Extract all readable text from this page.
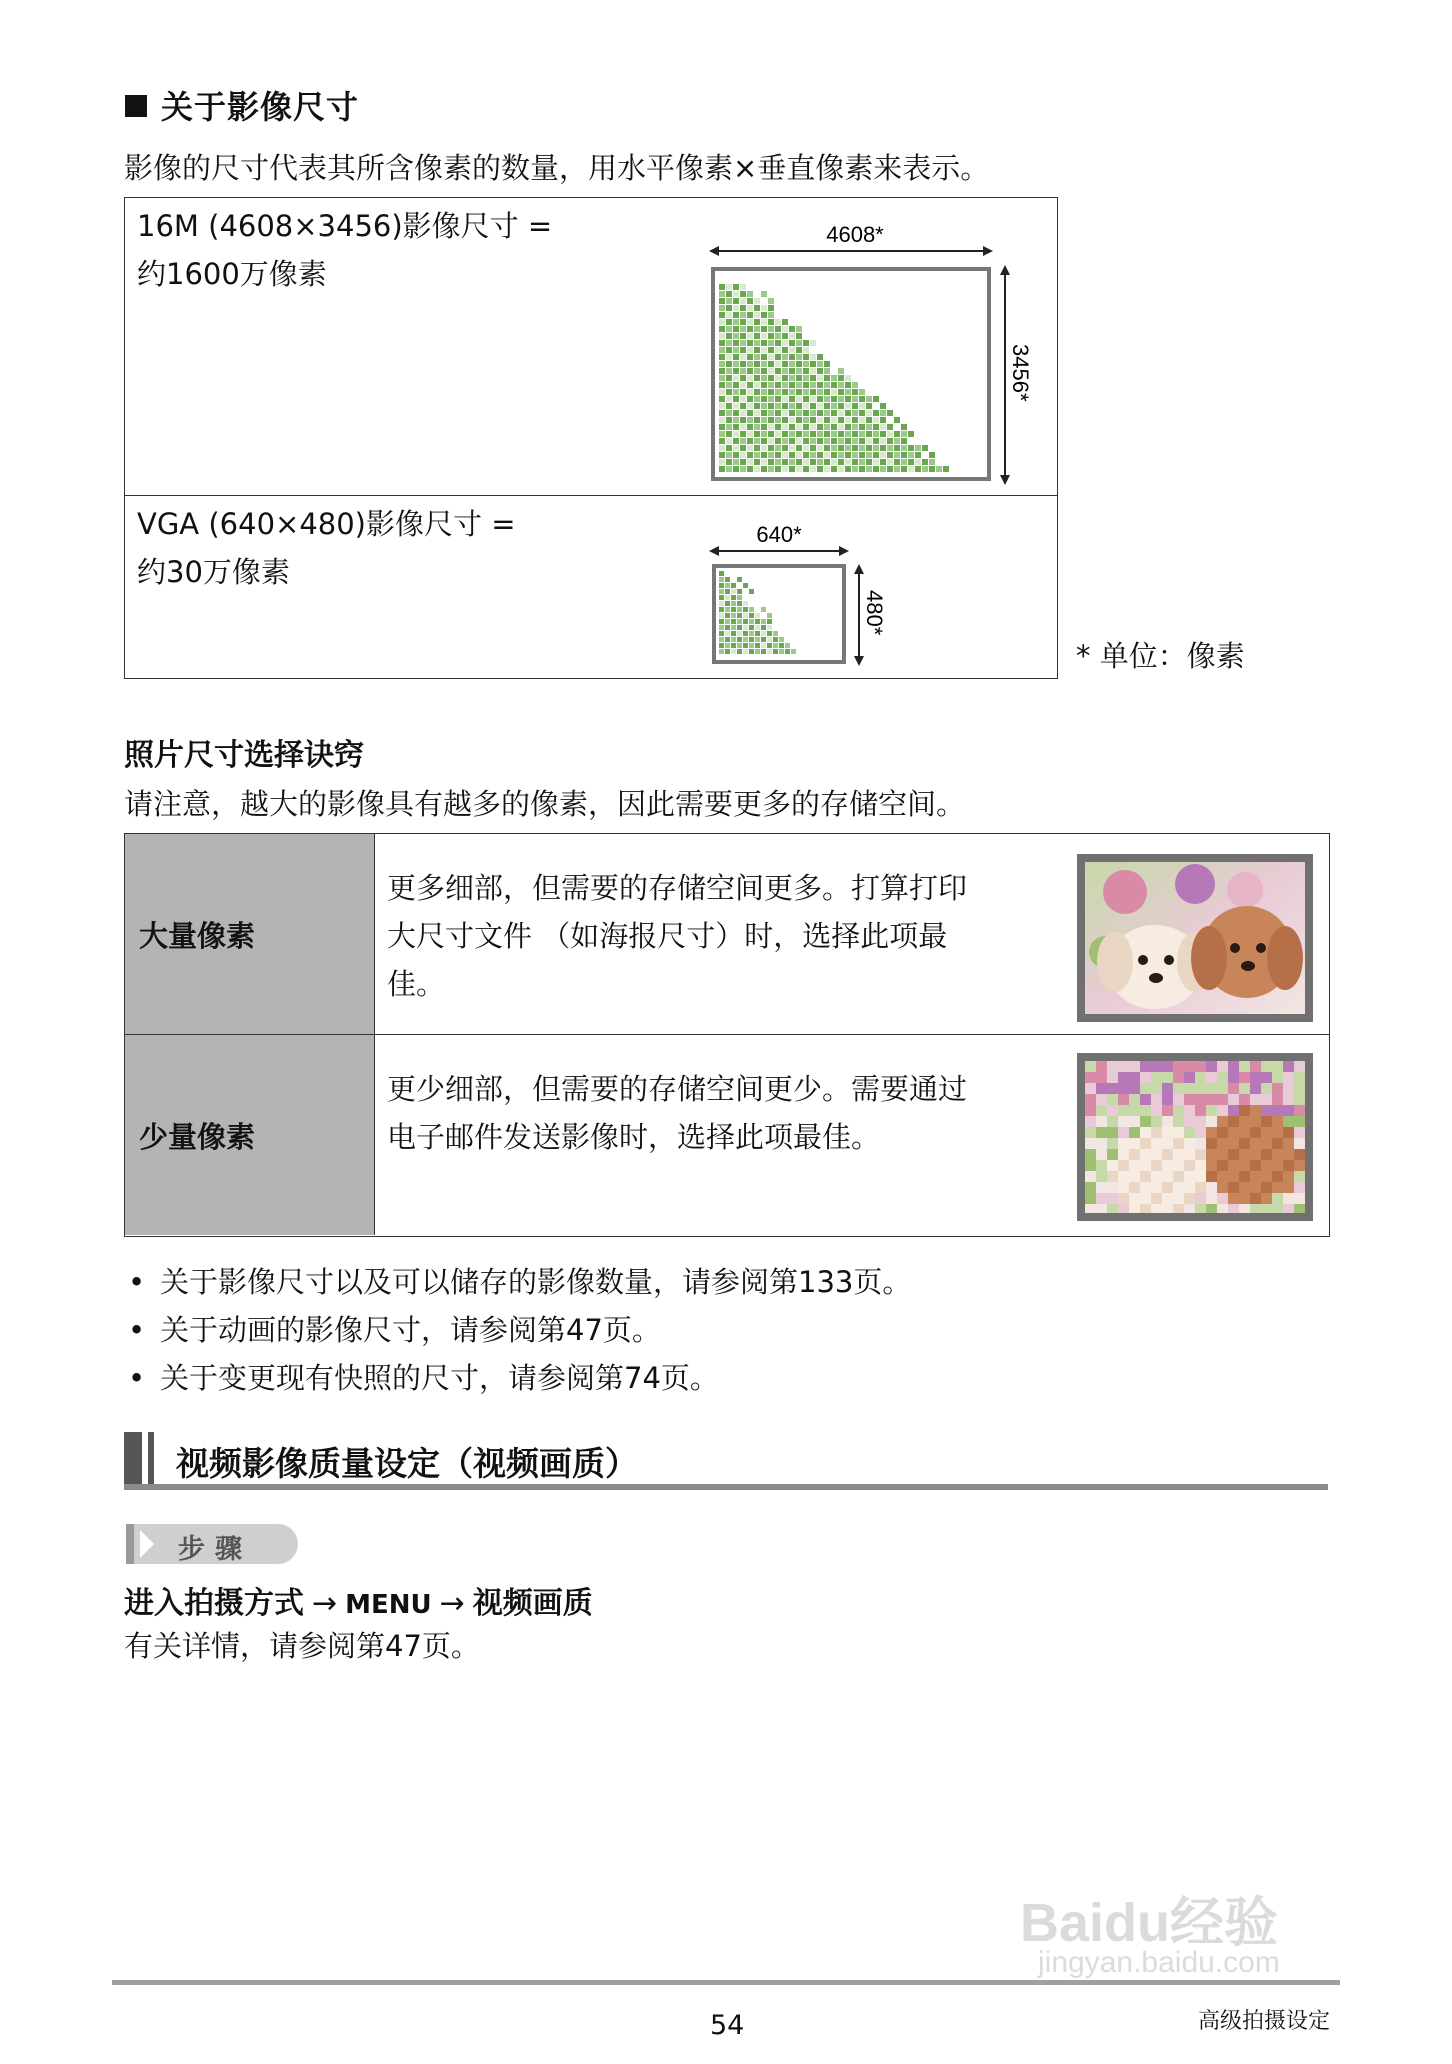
关于影像尺寸
影像的尺寸代表其所含像素的数量，用水平像素×垂直像素来表示。
16M (4608×3456)影像尺寸 =
约1600万像素
VGA (640×480)影像尺寸 =
约30万像素
4608*
3456*
640*
480*
* 单位：像素
照片尺寸选择诀窍
请注意，越大的影像具有越多的像素，因此需要更多的存储空间。
大量像素
更多细部，但需要的存储空间更多。打算打印
大尺寸文件 （如海报尺寸）时，选择此项最
佳。
少量像素
更少细部，但需要的存储空间更少。需要通过
电子邮件发送影像时，选择此项最佳。
• 关于影像尺寸以及可以储存的影像数量，请参阅第133页。
• 关于动画的影像尺寸，请参阅第47页。
• 关于变更现有快照的尺寸，请参阅第74页。
视频影像质量设定（视频画质）
步骤
进入拍摄方式 → MENU → 视频画质
有关详情，请参阅第47页。
Baidu经验
jingyan.baidu.com
54	高级拍摄设定
